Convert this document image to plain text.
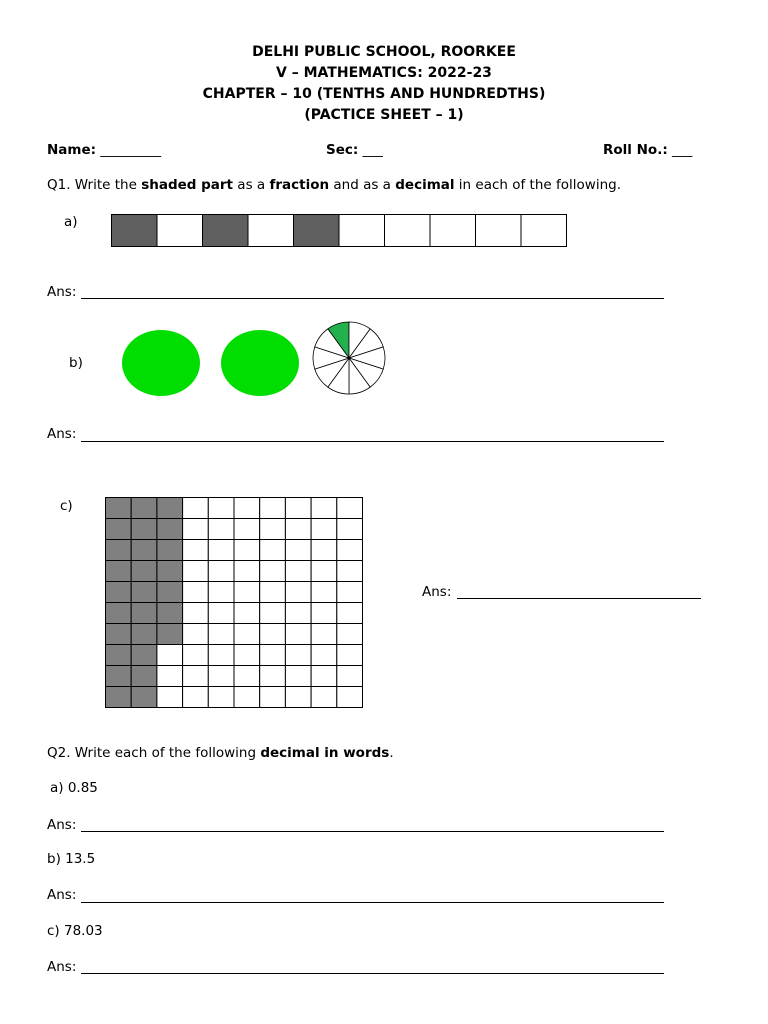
DELHI PUBLIC SCHOOL, ROORKEE
V – MATHEMATICS: 2022-23
CHAPTER – 10 (TENTHS AND HUNDREDTHS)
(PACTICE SHEET – 1)
Name: _________	Sec: ___	Roll No.: ___
Q1. Write the shaded part as a fraction and as a decimal in each of the following.
a)
Ans:
b)
Ans:
c)
Ans:
Q2. Write each of the following decimal in words.
a) 0.85
Ans:
b) 13.5
Ans:
c) 78.03
Ans:
